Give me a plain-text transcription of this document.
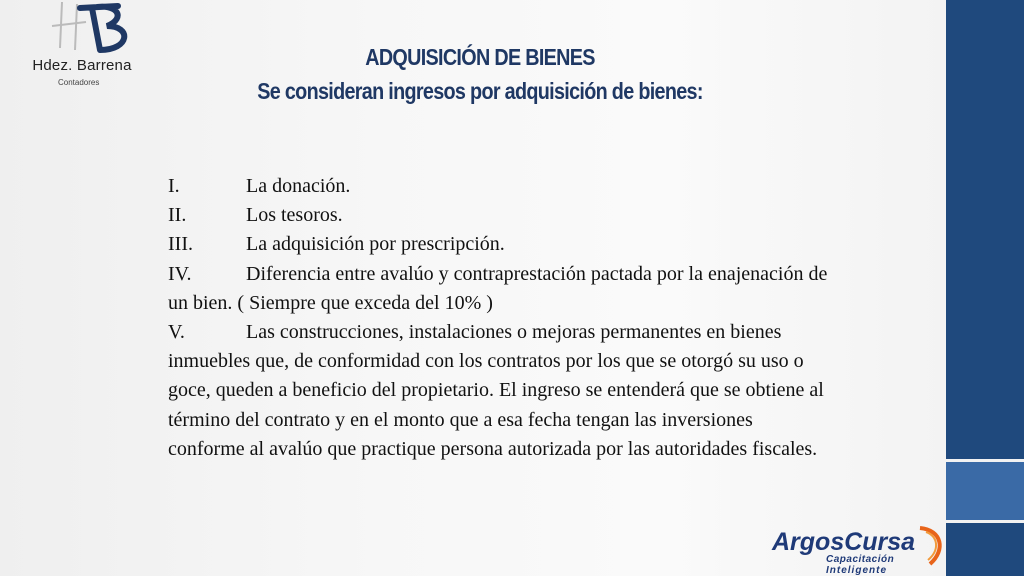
Hdez. Barrena
Contadores
ADQUISICIÓN DE BIENES
Se consideran ingresos por adquisición de bienes:

I.	La donación.

II.	Los tesoros.

III.	La adquisición por prescripción.

IV.	Diferencia entre avalúo y contraprestación pactada por la enajenación de un bien. ( Siempre que exceda del 10% )

V.	Las construcciones, instalaciones o mejoras permanentes en bienes inmuebles que, de conformidad con los contratos por los que se otorgó su uso o goce, queden a beneficio del propietario. El ingreso se entenderá que se obtiene al término del contrato y en el monto que a esa fecha tengan las inversiones conforme al avalúo que practique persona autorizada por las autoridades fiscales.

ArgosCursa
Capacitación
Inteligente
